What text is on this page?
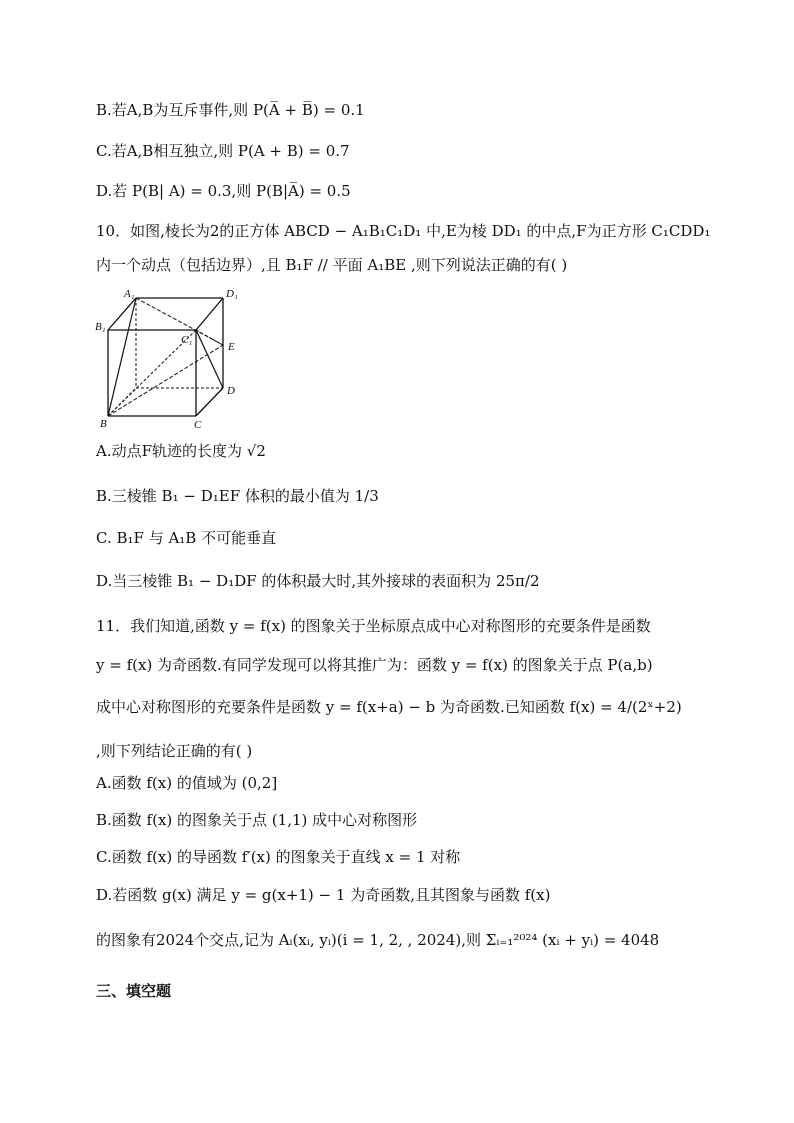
B.若A,B为互斥事件,则 P(A̅ + B̅) = 0.1
C.若A,B相互独立,则 P(A + B) = 0.7
D.若 P(B| A) = 0.3,则 P(B|A̅) = 0.5
10．如图,棱长为2的正方体 ABCD − A₁B₁C₁D₁ 中,E为棱 DD₁ 的中点,F为正方形 C₁CDD₁
内一个动点（包括边界）,且 B₁F // 平面 A₁BE ,则下列说法正确的有( )
A₁	D₁
B₁
C₁
E
D
B	C
A.动点F轨迹的长度为 √2
B.三棱锥 B₁ − D₁EF 体积的最小值为 1/3
C. B₁F 与 A₁B 不可能垂直
D.当三棱锥 B₁ − D₁DF 的体积最大时,其外接球的表面积为 25π/2
11．我们知道,函数 y = f(x) 的图象关于坐标原点成中心对称图形的充要条件是函数
y = f(x) 为奇函数.有同学发现可以将其推广为：函数 y = f(x) 的图象关于点 P(a,b)
成中心对称图形的充要条件是函数 y = f(x+a) − b 为奇函数.已知函数 f(x) = 4/(2ˣ+2)
,则下列结论正确的有( )
A.函数 f(x) 的值域为 (0,2]
B.函数 f(x) 的图象关于点 (1,1) 成中心对称图形
C.函数 f(x) 的导函数 f′(x) 的图象关于直线 x = 1 对称
D.若函数 g(x) 满足 y = g(x+1) − 1 为奇函数,且其图象与函数 f(x)
的图象有2024个交点,记为 Aᵢ(xᵢ, yᵢ)(i = 1, 2, , 2024),则 Σᵢ₌₁²⁰²⁴ (xᵢ + yᵢ) = 4048
三、填空题
